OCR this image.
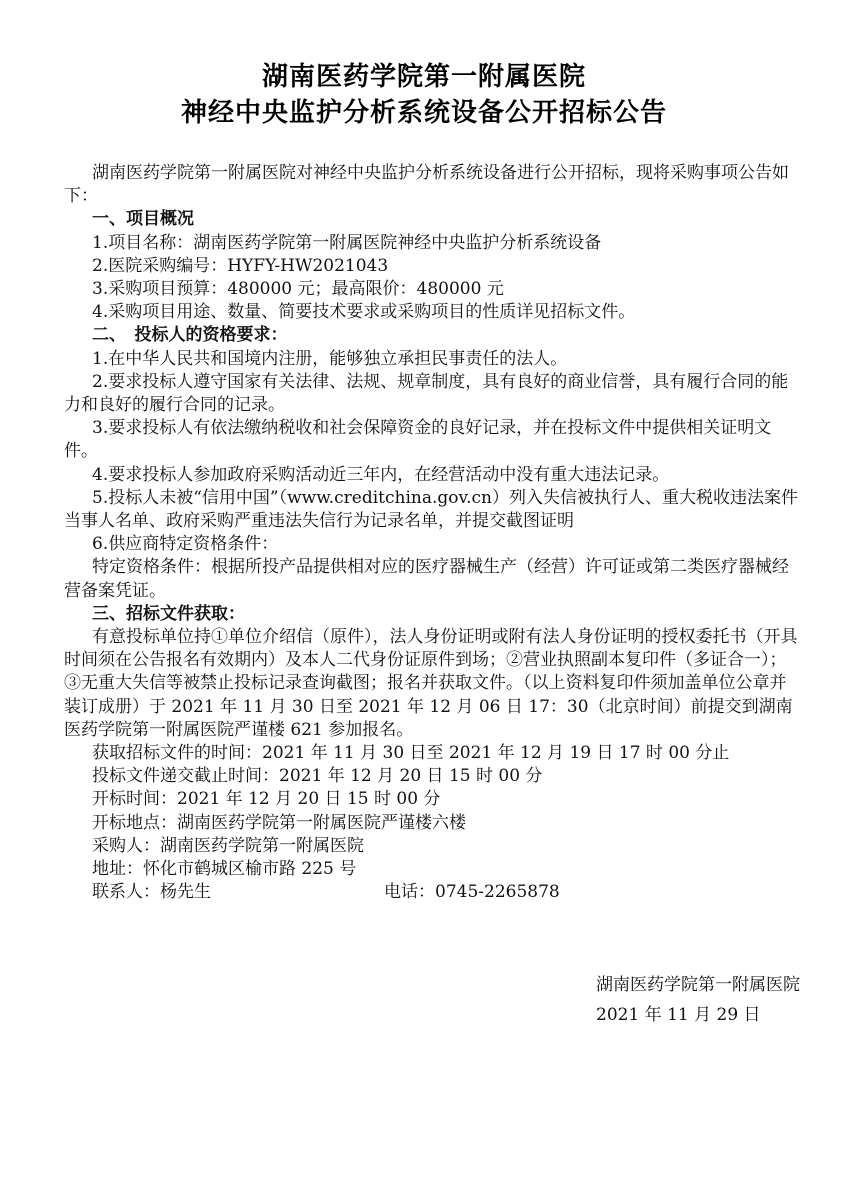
湖南医药学院第一附属医院
神经中央监护分析系统设备公开招标公告

湖南医药学院第一附属医院对神经中央监护分析系统设备进行公开招标，现将采购事项公告如下：

一、项目概况

1.项目名称：湖南医药学院第一附属医院神经中央监护分析系统设备

2.医院采购编号：HYFY-HW2021043

3.采购项目预算：480000 元；最高限价：480000 元

4.采购项目用途、数量、简要技术要求或采购项目的性质详见招标文件。

二、　投标人的资格要求：

1.在中华人民共和国境内注册，能够独立承担民事责任的法人。

2.要求投标人遵守国家有关法律、法规、规章制度，具有良好的商业信誉，具有履行合同的能力和良好的履行合同的记录。

3.要求投标人有依法缴纳税收和社会保障资金的良好记录，并在投标文件中提供相关证明文件。

4.要求投标人参加政府采购活动近三年内，在经营活动中没有重大违法记录。

5.投标人未被“信用中国”（www.creditchina.gov.cn）列入失信被执行人、重大税收违法案件当事人名单、政府采购严重违法失信行为记录名单，并提交截图证明

6.供应商特定资格条件：

特定资格条件：根据所投产品提供相对应的医疗器械生产（经营）许可证或第二类医疗器械经营备案凭证。

三、招标文件获取：

有意投标单位持①单位介绍信（原件），法人身份证明或附有法人身份证明的授权委托书（开具时间须在公告报名有效期内）及本人二代身份证原件到场；②营业执照副本复印件（多证合一）；③无重大失信等被禁止投标记录查询截图；报名并获取文件。（以上资料复印件须加盖单位公章并装订成册）于 2021 年 11 月 30 日至 2021 年 12 月 06 日 17：30（北京时间）前提交到湖南医药学院第一附属医院严谨楼 621 参加报名。

获取招标文件的时间：2021 年 11 月 30 日至 2021 年 12 月 19 日 17 时 00 分止

投标文件递交截止时间：2021 年 12 月 20 日 15 时 00 分

开标时间：2021 年 12 月 20 日 15 时 00 分

开标地点：湖南医药学院第一附属医院严谨楼六楼

采购人：湖南医药学院第一附属医院

地址：怀化市鹤城区榆市路 225 号

联系人：杨先生	电话：0745-2265878

湖南医药学院第一附属医院
2021 年 11 月 29 日
